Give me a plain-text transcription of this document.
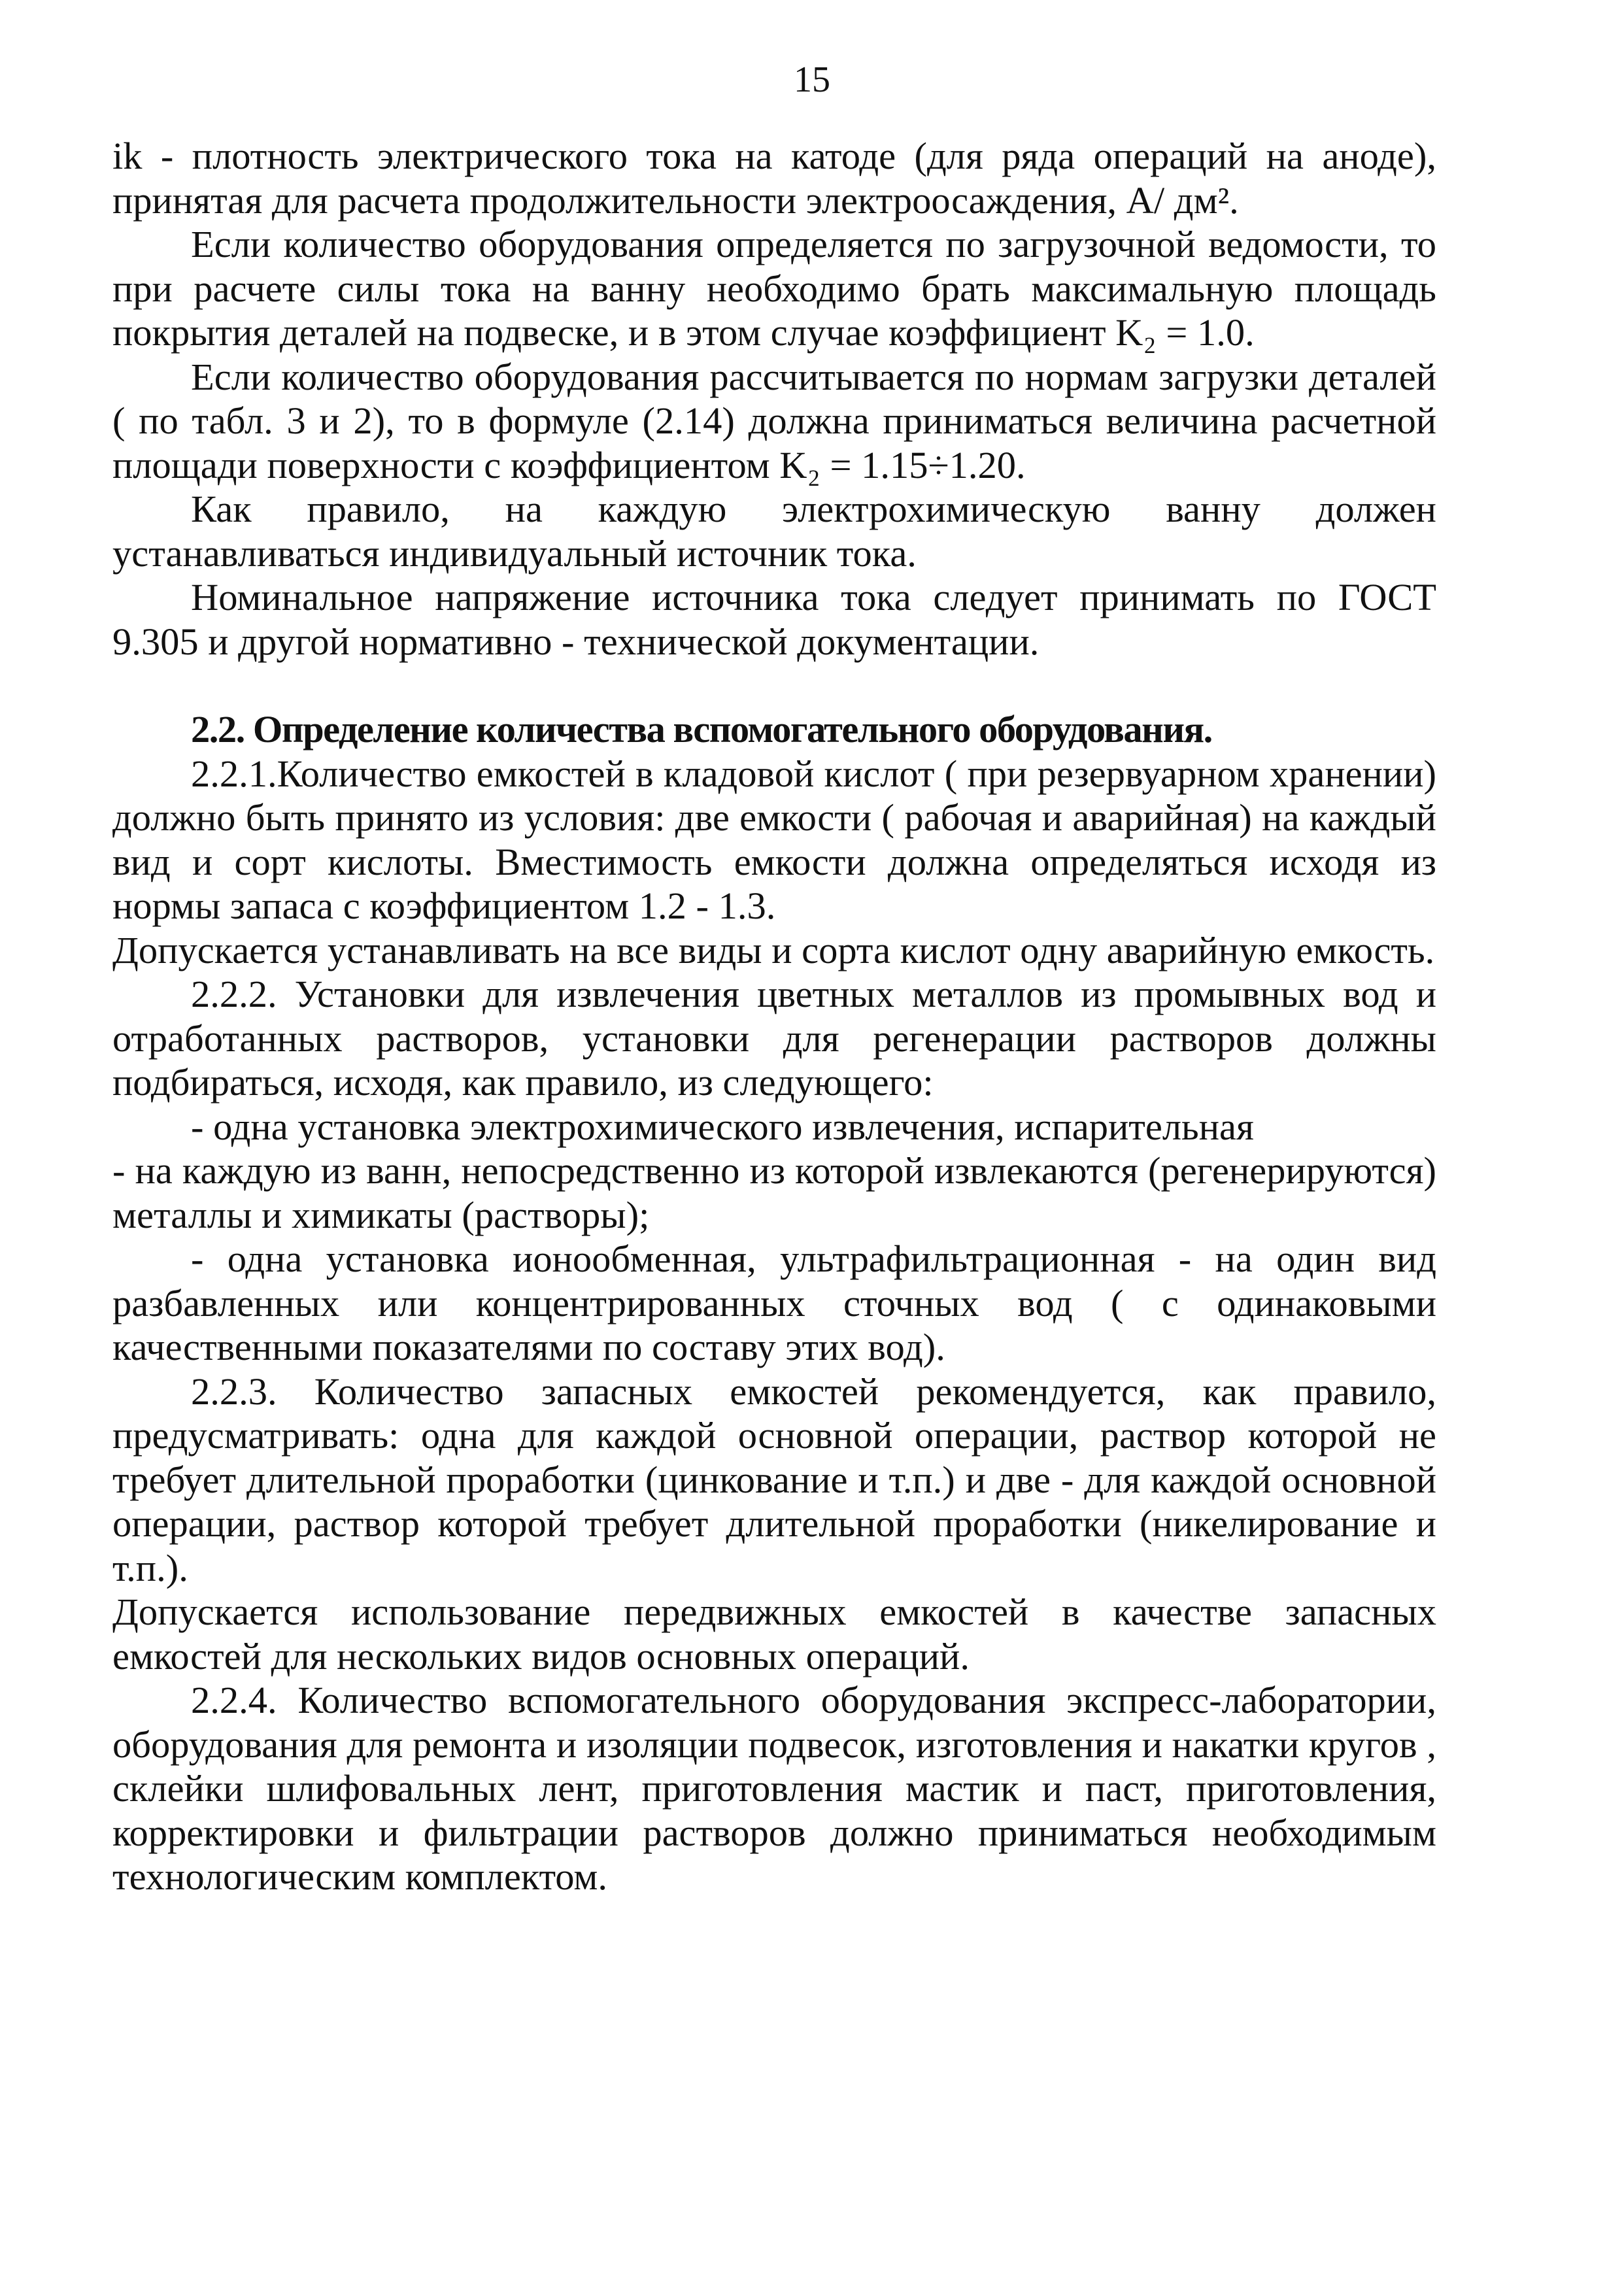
15

ik - плотность электрического тока на катоде (для ряда операций на аноде), принятая для расчета продолжительности электроосаждения, А/ дм².

Если количество оборудования определяется по загрузочной ведомости, то при расчете силы тока на ванну необходимо брать максимальную площадь покрытия деталей на подвеске, и в этом случае коэффициент K₂ = 1.0.

Если количество оборудования рассчитывается по нормам загрузки деталей ( по табл. 3 и 2), то в формуле (2.14) должна приниматься величина расчетной площади поверхности с коэффициентом K₂ = 1.15÷1.20.

Как правило, на каждую электрохимическую ванну должен устанавливаться индивидуальный источник тока.

Номинальное напряжение источника тока следует принимать по ГОСТ 9.305 и другой нормативно - технической документации.

2.2. Определение количества вспомогательного оборудования.

2.2.1.Количество емкостей в кладовой кислот ( при резервуарном хранении) должно быть принято из условия: две емкости ( рабочая и аварийная) на каждый вид и сорт кислоты. Вместимость емкости должна определяться исходя из нормы запаса с коэффициентом 1.2 - 1.3.

Допускается устанавливать на все виды и сорта кислот одну аварийную емкость.

2.2.2. Установки для извлечения цветных металлов из промывных вод и отработанных растворов, установки для регенерации растворов должны подбираться, исходя, как правило, из следующего:

- одна установка электрохимического извлечения, испарительная

- на каждую из ванн, непосредственно из которой извлекаются (регенерируются) металлы и химикаты (растворы);

- одна установка ионообменная, ультрафильтрационная - на один вид разбавленных или концентрированных сточных вод ( с одинаковыми качественными показателями по составу этих вод).

2.2.3. Количество запасных емкостей рекомендуется, как правило, предусматривать: одна для каждой основной операции, раствор которой не требует длительной проработки (цинкование и т.п.) и две - для каждой основной операции, раствор которой требует длительной проработки (никелирование и т.п.).

Допускается использование передвижных емкостей в качестве запасных емкостей для нескольких видов основных операций.

2.2.4. Количество вспомогательного оборудования экспресс-лаборатории, оборудования для ремонта и изоляции подвесок, изготовления и накатки кругов , склейки шлифовальных лент, приготовления мастик и паст, приготовления, корректировки и фильтрации растворов должно приниматься необходимым технологическим комплектом.
